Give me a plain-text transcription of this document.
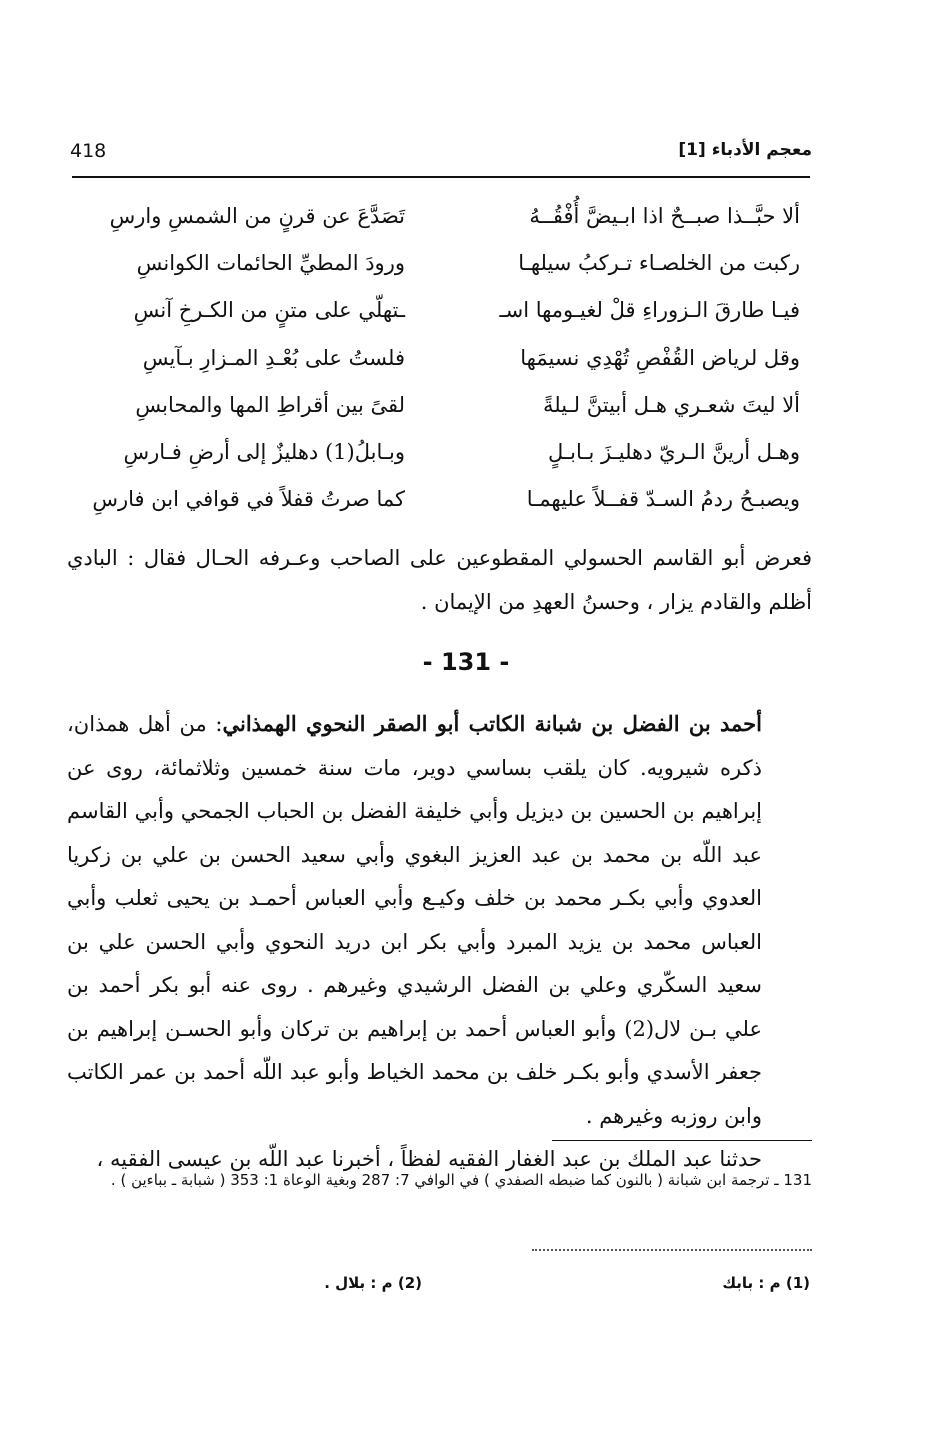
معجم الأدباء [1]
418
ألا حبَّــذا صبــحٌ اذا ابـيضَّ أُفْقُــهُ
تَصَدَّعَ عن قرنٍ من الشمسِ وارسِ
ركبت من الخلصـاء تـركبُ سيلهـا
ورودَ المطيِّ الحائمات الكوانسِ
فيـا طارقَ الـزوراءِ قلْ لغيـومها اسـ
ـتهلّي على متنٍ من الكـرخِ آنسِ
وقل لرياض القُفْصِ تُهْدِي نسيمَها
فلستُ على بُعْـدِ المـزارِ بـآيسِ
ألا ليتَ شعـري هـل أبيتنَّ لـيلةً
لقىً بين أقراطِ المها والمحابسِ
وهـل أرينَّ الـريّ دهليـزَ بـابـلٍ
وبـابلُ(1) دهليزٌ إلى أرضِ فـارسِ
ويصبـحُ ردمُ السـدّ قفــلاً عليهمـا
كما صرتُ قفلاً في قوافي ابن فارسِ
فعرض أبو القاسم الحسولي المقطوعين على الصاحب وعـرفه الحـال فقال : البادي أظلم والقادم يزار ، وحسنُ العهدِ من الإيمان .
- 131 -
أحمد بن الفضل بن شبانة الكاتب أبو الصقر النحوي الهمذاني: من أهل همذان، ذكره شيرويه. كان يلقب بساسي دوير، مات سنة خمسين وثلاثمائة، روى عن إبراهيم بن الحسين بن ديزيل وأبي خليفة الفضل بن الحباب الجمحي وأبي القاسم عبد اللّه بن محمد بن عبد العزيز البغوي وأبي سعيد الحسن بن علي بن زكريا العدوي وأبي بكـر محمد بن خلف وكيـع وأبي العباس أحمـد بن يحيى ثعلب وأبي العباس محمد بن يزيد المبرد وأبي بكر ابن دريد النحوي وأبي الحسن علي بن سعيد السكّري وعلي بن الفضل الرشيدي وغيرهم . روى عنه أبو بكر أحمد بن علي بـن لال(2) وأبو العباس أحمد بن إبراهيم بن تركان وأبو الحسـن إبراهيم بن جعفر الأسدي وأبو بكـر خلف بن محمد الخياط وأبو عبد اللّه أحمد بن عمر الكاتب وابن روزبه وغيرهم .
حدثنا عبد الملك بن عبد الغفار الفقيه لفظاً ، أخبرنا عبد اللّه بن عيسى الفقيه ،
131 ـ ترجمة ابن شبانة ( بالنون كما ضبطه الصفدي ) في الوافي 7: 287 وبغية الوعاة 1: 353 ( شبابة ـ بباءين ) .
(1) م : بابك
(2) م : بلال .
